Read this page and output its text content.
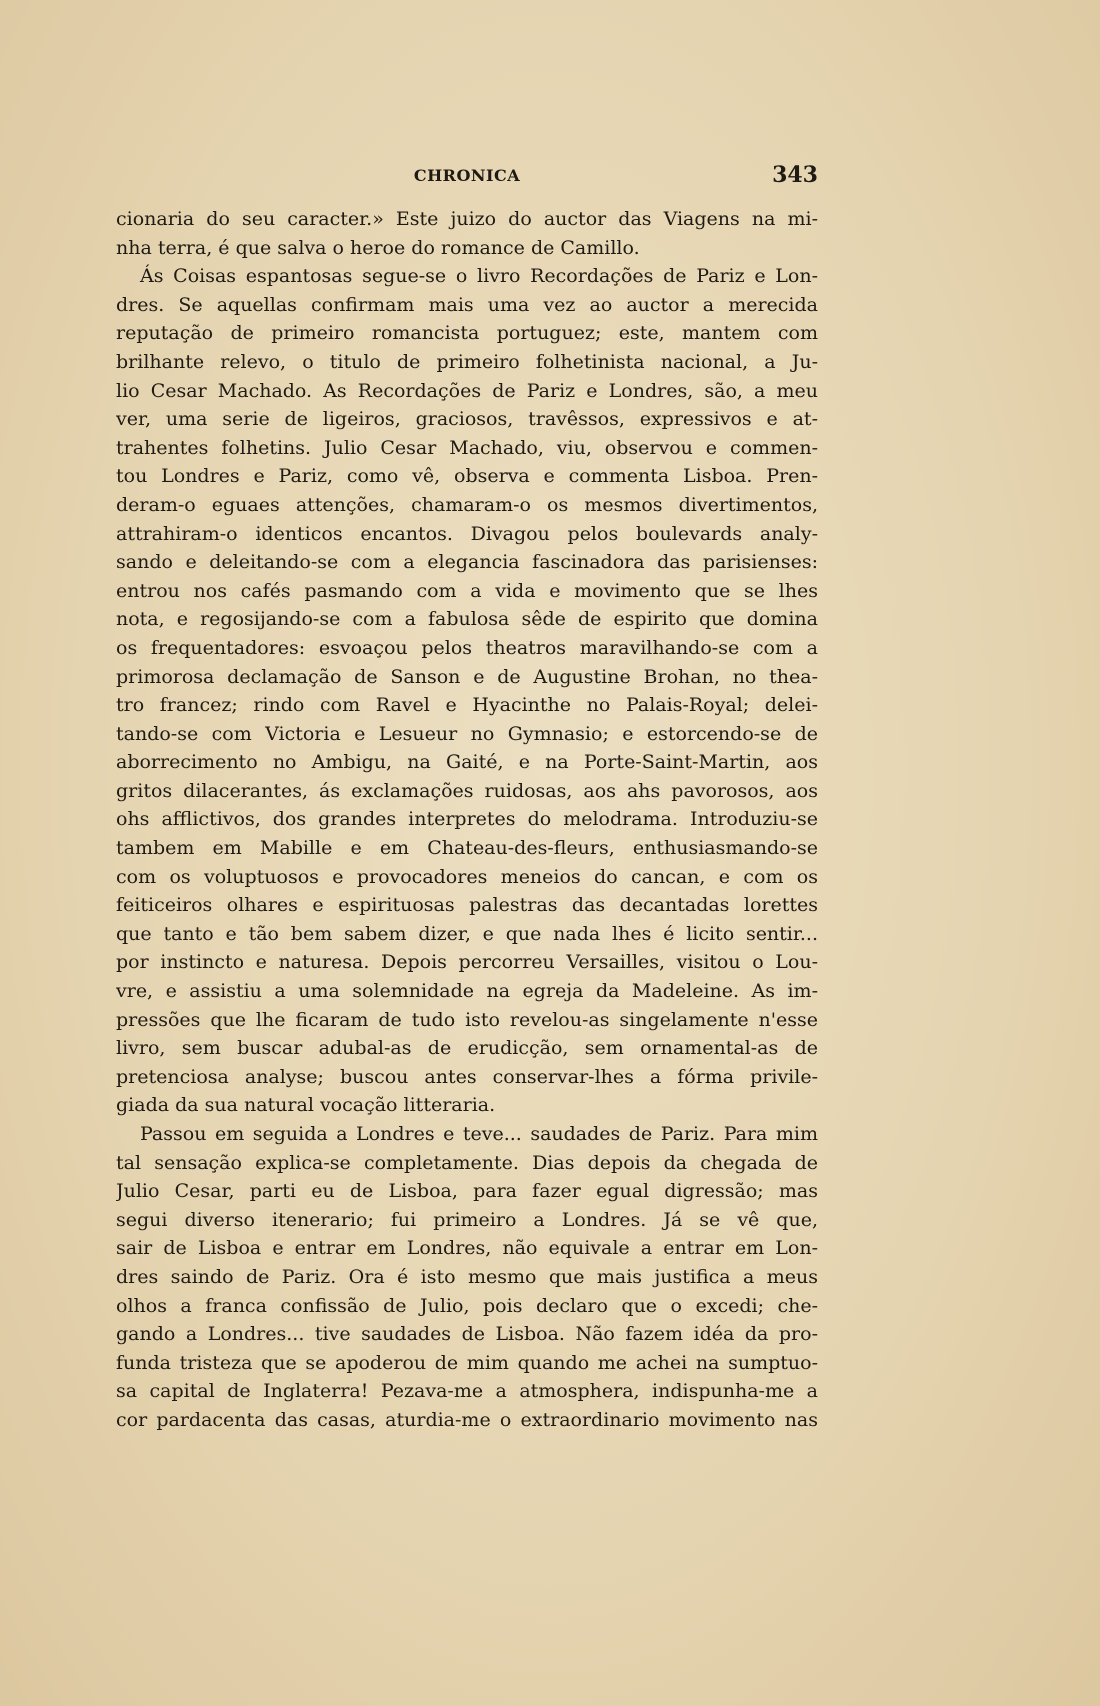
CHRONICA	343
cionaria do seu caracter.» Este juizo do auctor das Viagens na mi-
nha terra, é que salva o heroe do romance de Camillo.
Ás Coisas espantosas segue-se o livro Recordações de Pariz e Lon-
dres. Se aquellas confirmam mais uma vez ao auctor a merecida
reputação de primeiro romancista portuguez; este, mantem com
brilhante relevo, o titulo de primeiro folhetinista nacional, a Ju-
lio Cesar Machado. As Recordações de Pariz e Londres, são, a meu
ver, uma serie de ligeiros, graciosos, travêssos, expressivos e at-
trahentes folhetins. Julio Cesar Machado, viu, observou e commen-
tou Londres e Pariz, como vê, observa e commenta Lisboa. Pren-
deram-o eguaes attenções, chamaram-o os mesmos divertimentos,
attrahiram-o identicos encantos. Divagou pelos boulevards analy-
sando e deleitando-se com a elegancia fascinadora das parisienses:
entrou nos cafés pasmando com a vida e movimento que se lhes
nota, e regosijando-se com a fabulosa sêde de espirito que domina
os frequentadores: esvoaçou pelos theatros maravilhando-se com a
primorosa declamação de Sanson e de Augustine Brohan, no thea-
tro francez; rindo com Ravel e Hyacinthe no Palais-Royal; delei-
tando-se com Victoria e Lesueur no Gymnasio; e estorcendo-se de
aborrecimento no Ambigu, na Gaité, e na Porte-Saint-Martin, aos
gritos dilacerantes, ás exclamações ruidosas, aos ahs pavorosos, aos
ohs afflictivos, dos grandes interpretes do melodrama. Introduziu-se
tambem em Mabille e em Chateau-des-fleurs, enthusiasmando-se
com os voluptuosos e provocadores meneios do cancan, e com os
feiticeiros olhares e espirituosas palestras das decantadas lorettes
que tanto e tão bem sabem dizer, e que nada lhes é licito sentir...
por instincto e naturesa. Depois percorreu Versailles, visitou o Lou-
vre, e assistiu a uma solemnidade na egreja da Madeleine. As im-
pressões que lhe ficaram de tudo isto revelou-as singelamente n'esse
livro, sem buscar adubal-as de erudicção, sem ornamental-as de
pretenciosa analyse; buscou antes conservar-lhes a fórma privile-
giada da sua natural vocação litteraria.
Passou em seguida a Londres e teve... saudades de Pariz. Para mim
tal sensação explica-se completamente. Dias depois da chegada de
Julio Cesar, parti eu de Lisboa, para fazer egual digressão; mas
segui diverso itenerario; fui primeiro a Londres. Já se vê que,
sair de Lisboa e entrar em Londres, não equivale a entrar em Lon-
dres saindo de Pariz. Ora é isto mesmo que mais justifica a meus
olhos a franca confissão de Julio, pois declaro que o excedi; che-
gando a Londres... tive saudades de Lisboa. Não fazem idéa da pro-
funda tristeza que se apoderou de mim quando me achei na sumptuo-
sa capital de Inglaterra! Pezava-me a atmosphera, indispunha-me a
cor pardacenta das casas, aturdia-me o extraordinario movimento nas
